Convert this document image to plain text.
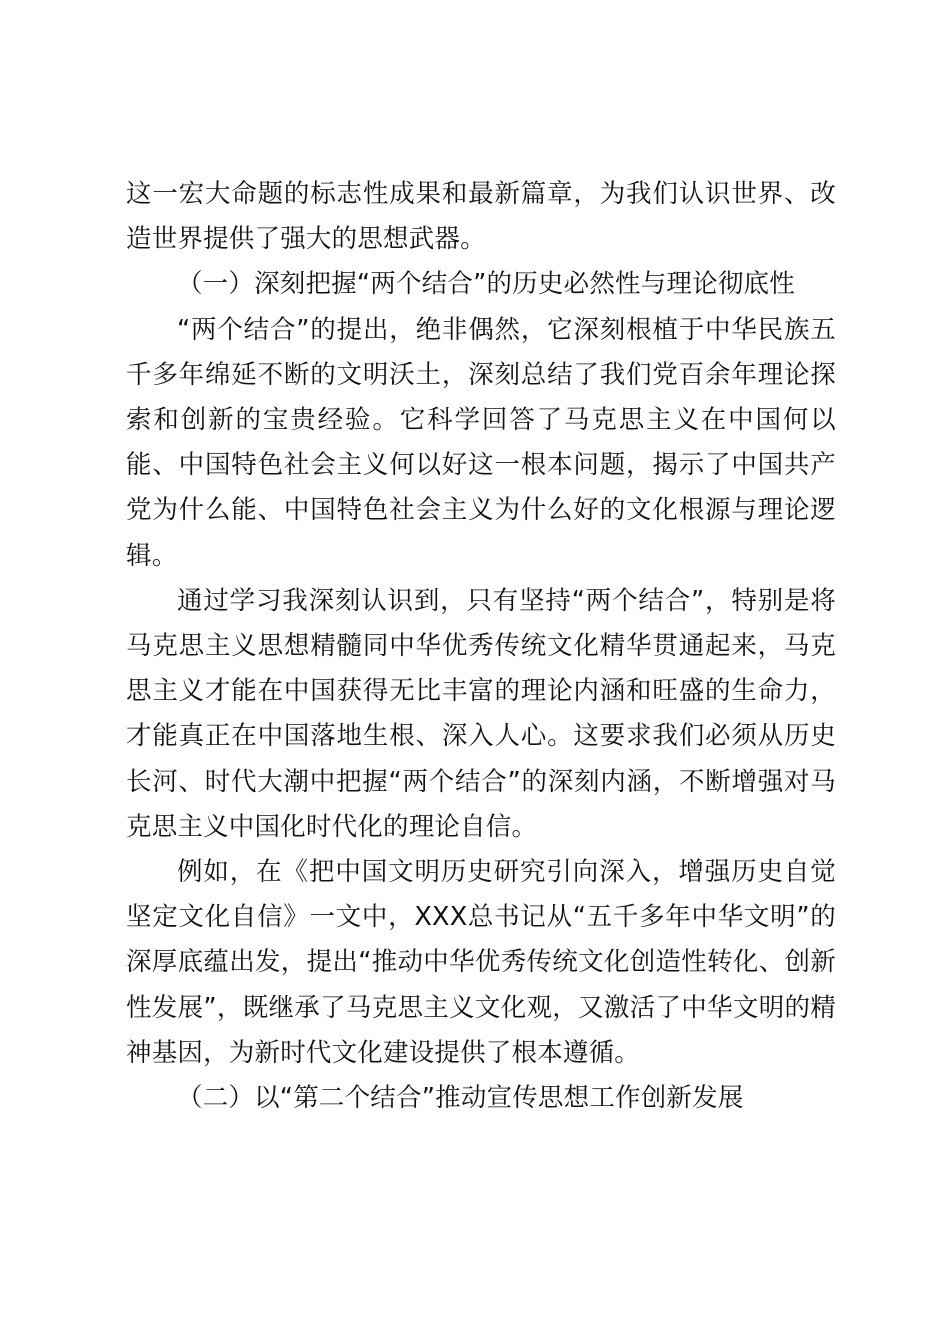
这一宏大命题的标志性成果和最新篇章，为我们认识世界、改造世界提供了强大的思想武器。

（一）深刻把握“两个结合”的历史必然性与理论彻底性

“两个结合”的提出，绝非偶然，它深刻根植于中华民族五千多年绵延不断的文明沃土，深刻总结了我们党百余年理论探索和创新的宝贵经验。它科学回答了马克思主义在中国何以能、中国特色社会主义何以好这一根本问题，揭示了中国共产党为什么能、中国特色社会主义为什么好的文化根源与理论逻辑。

通过学习我深刻认识到，只有坚持“两个结合”，特别是将马克思主义思想精髓同中华优秀传统文化精华贯通起来，马克思主义才能在中国获得无比丰富的理论内涵和旺盛的生命力，才能真正在中国落地生根、深入人心。这要求我们必须从历史长河、时代大潮中把握“两个结合”的深刻内涵，不断增强对马克思主义中国化时代化的理论自信。

例如，在《把中国文明历史研究引向深入，增强历史自觉坚定文化自信》一文中，XXX总书记从“五千多年中华文明”的深厚底蕴出发，提出“推动中华优秀传统文化创造性转化、创新性发展”，既继承了马克思主义文化观，又激活了中华文明的精神基因，为新时代文化建设提供了根本遵循。

（二）以“第二个结合”推动宣传思想工作创新发展
